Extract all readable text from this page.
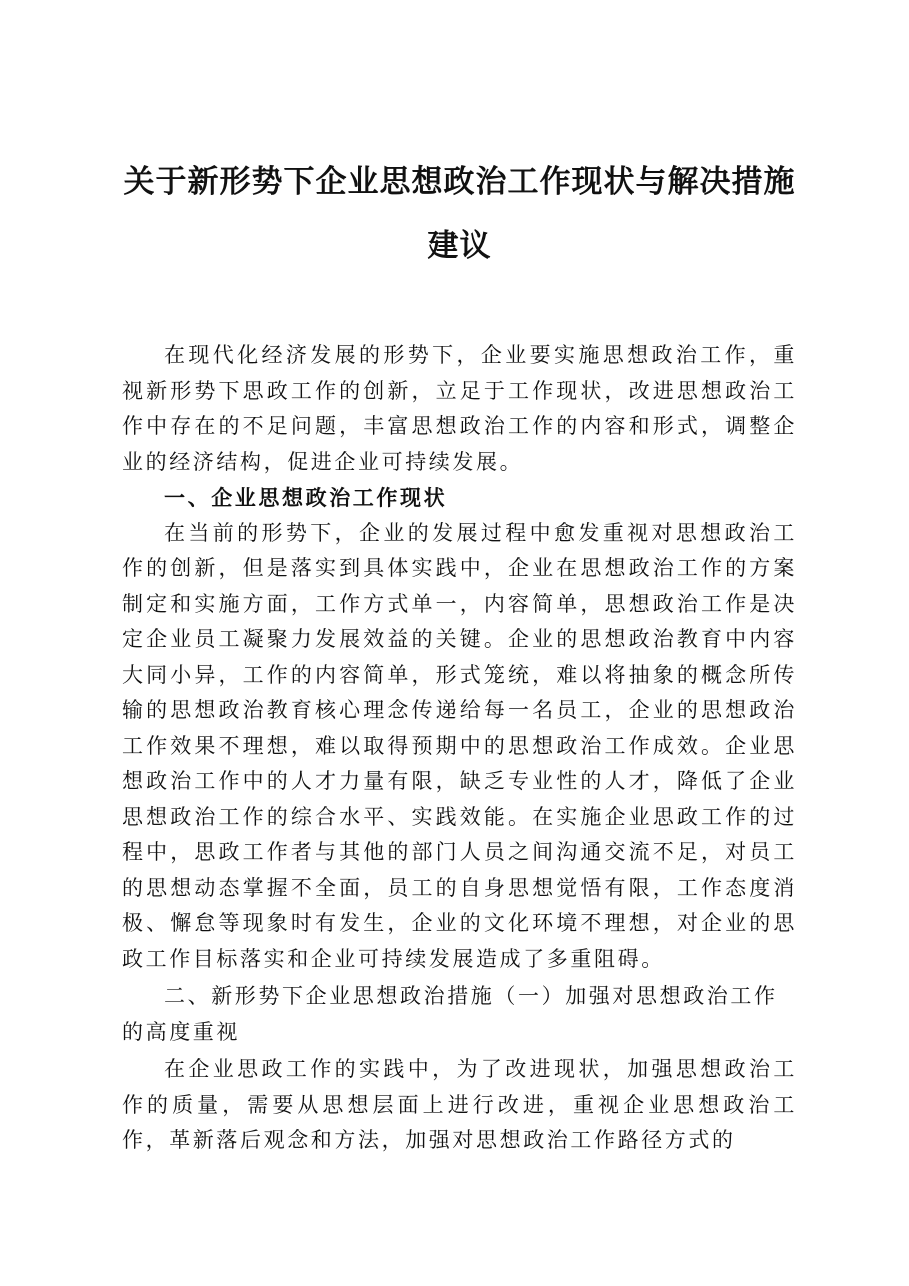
关于新形势下企业思想政治工作现状与解决措施建议

在现代化经济发展的形势下，企业要实施思想政治工作，重视新形势下思政工作的创新，立足于工作现状，改进思想政治工作中存在的不足问题，丰富思想政治工作的内容和形式，调整企业的经济结构，促进企业可持续发展。

一、企业思想政治工作现状

在当前的形势下，企业的发展过程中愈发重视对思想政治工作的创新，但是落实到具体实践中，企业在思想政治工作的方案制定和实施方面，工作方式单一，内容简单，思想政治工作是决定企业员工凝聚力发展效益的关键。企业的思想政治教育中内容大同小异，工作的内容简单，形式笼统，难以将抽象的概念所传输的思想政治教育核心理念传递给每一名员工，企业的思想政治工作效果不理想，难以取得预期中的思想政治工作成效。企业思想政治工作中的人才力量有限，缺乏专业性的人才，降低了企业思想政治工作的综合水平、实践效能。在实施企业思政工作的过程中，思政工作者与其他的部门人员之间沟通交流不足，对员工的思想动态掌握不全面，员工的自身思想觉悟有限，工作态度消极、懈怠等现象时有发生，企业的文化环境不理想，对企业的思政工作目标落实和企业可持续发展造成了多重阻碍。

二、新形势下企业思想政治措施（一）加强对思想政治工作的高度重视

在企业思政工作的实践中，为了改进现状，加强思想政治工作的质量，需要从思想层面上进行改进，重视企业思想政治工作，革新落后观念和方法，加强对思想政治工作路径方式的
